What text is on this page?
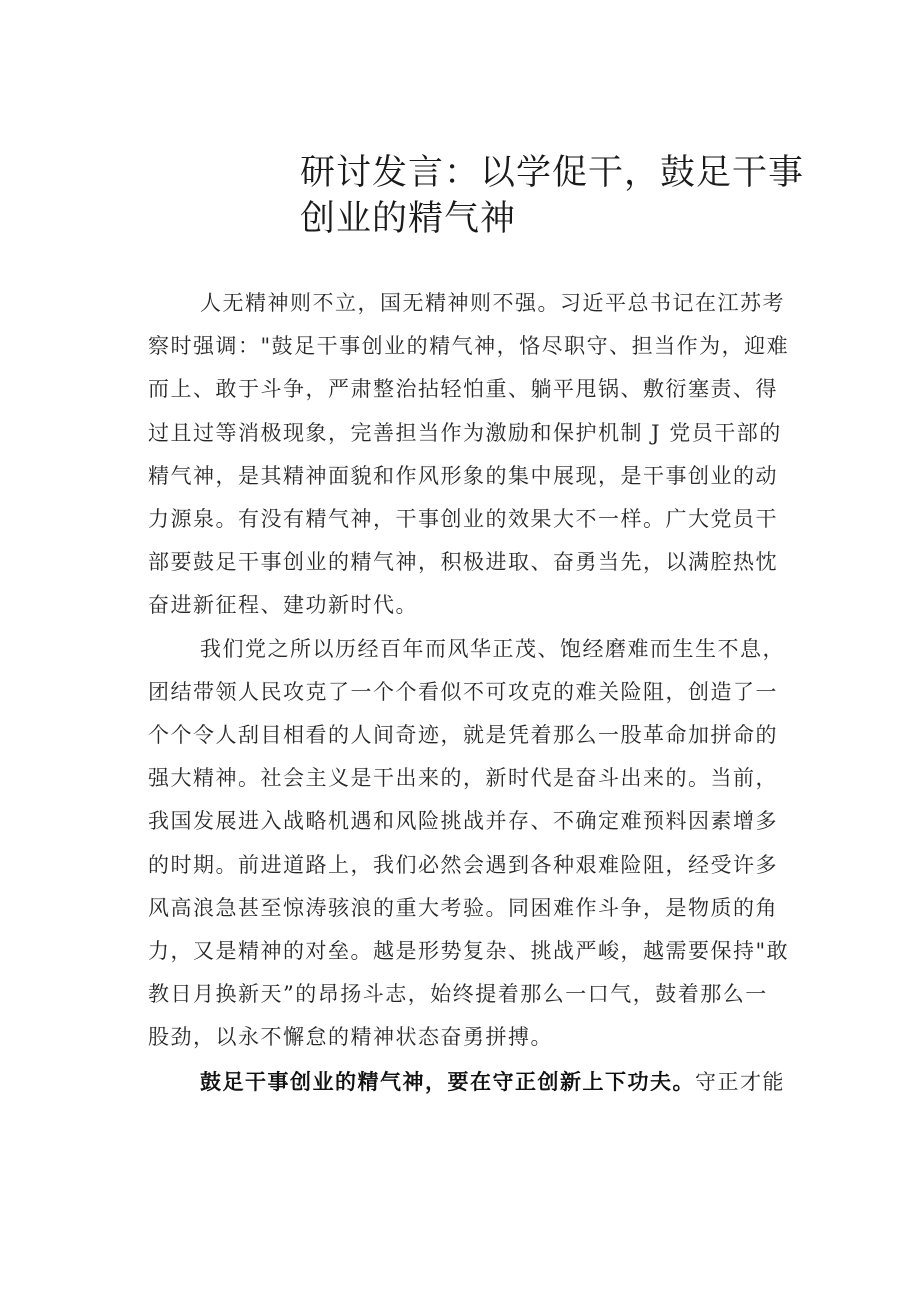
研讨发言：以学促干，鼓足干事
创业的精气神

人无精神则不立，国无精神则不强。习近平总书记在江苏考
察时强调："鼓足干事创业的精气神，恪尽职守、担当作为，迎难
而上、敢于斗争，严肃整治拈轻怕重、躺平甩锅、敷衍塞责、得
过且过等消极现象，完善担当作为激励和保护机制 J 党员干部的
精气神，是其精神面貌和作风形象的集中展现，是干事创业的动
力源泉。有没有精气神，干事创业的效果大不一样。广大党员干
部要鼓足干事创业的精气神，积极进取、奋勇当先，以满腔热忱
奋进新征程、建功新时代。

我们党之所以历经百年而风华正茂、饱经磨难而生生不息，
团结带领人民攻克了一个个看似不可攻克的难关险阻，创造了一
个个令人刮目相看的人间奇迹，就是凭着那么一股革命加拼命的
强大精神。社会主义是干出来的，新时代是奋斗出来的。当前，
我国发展进入战略机遇和风险挑战并存、不确定难预料因素增多
的时期。前进道路上，我们必然会遇到各种艰难险阻，经受许多
风高浪急甚至惊涛骇浪的重大考验。同困难作斗争，是物质的角
力，又是精神的对垒。越是形势复杂、挑战严峻，越需要保持"敢
教日月换新天”的昂扬斗志，始终提着那么一口气，鼓着那么一
股劲，以永不懈怠的精神状态奋勇拼搏。

鼓足干事创业的精气神，要在守正创新上下功夫。守正才能
